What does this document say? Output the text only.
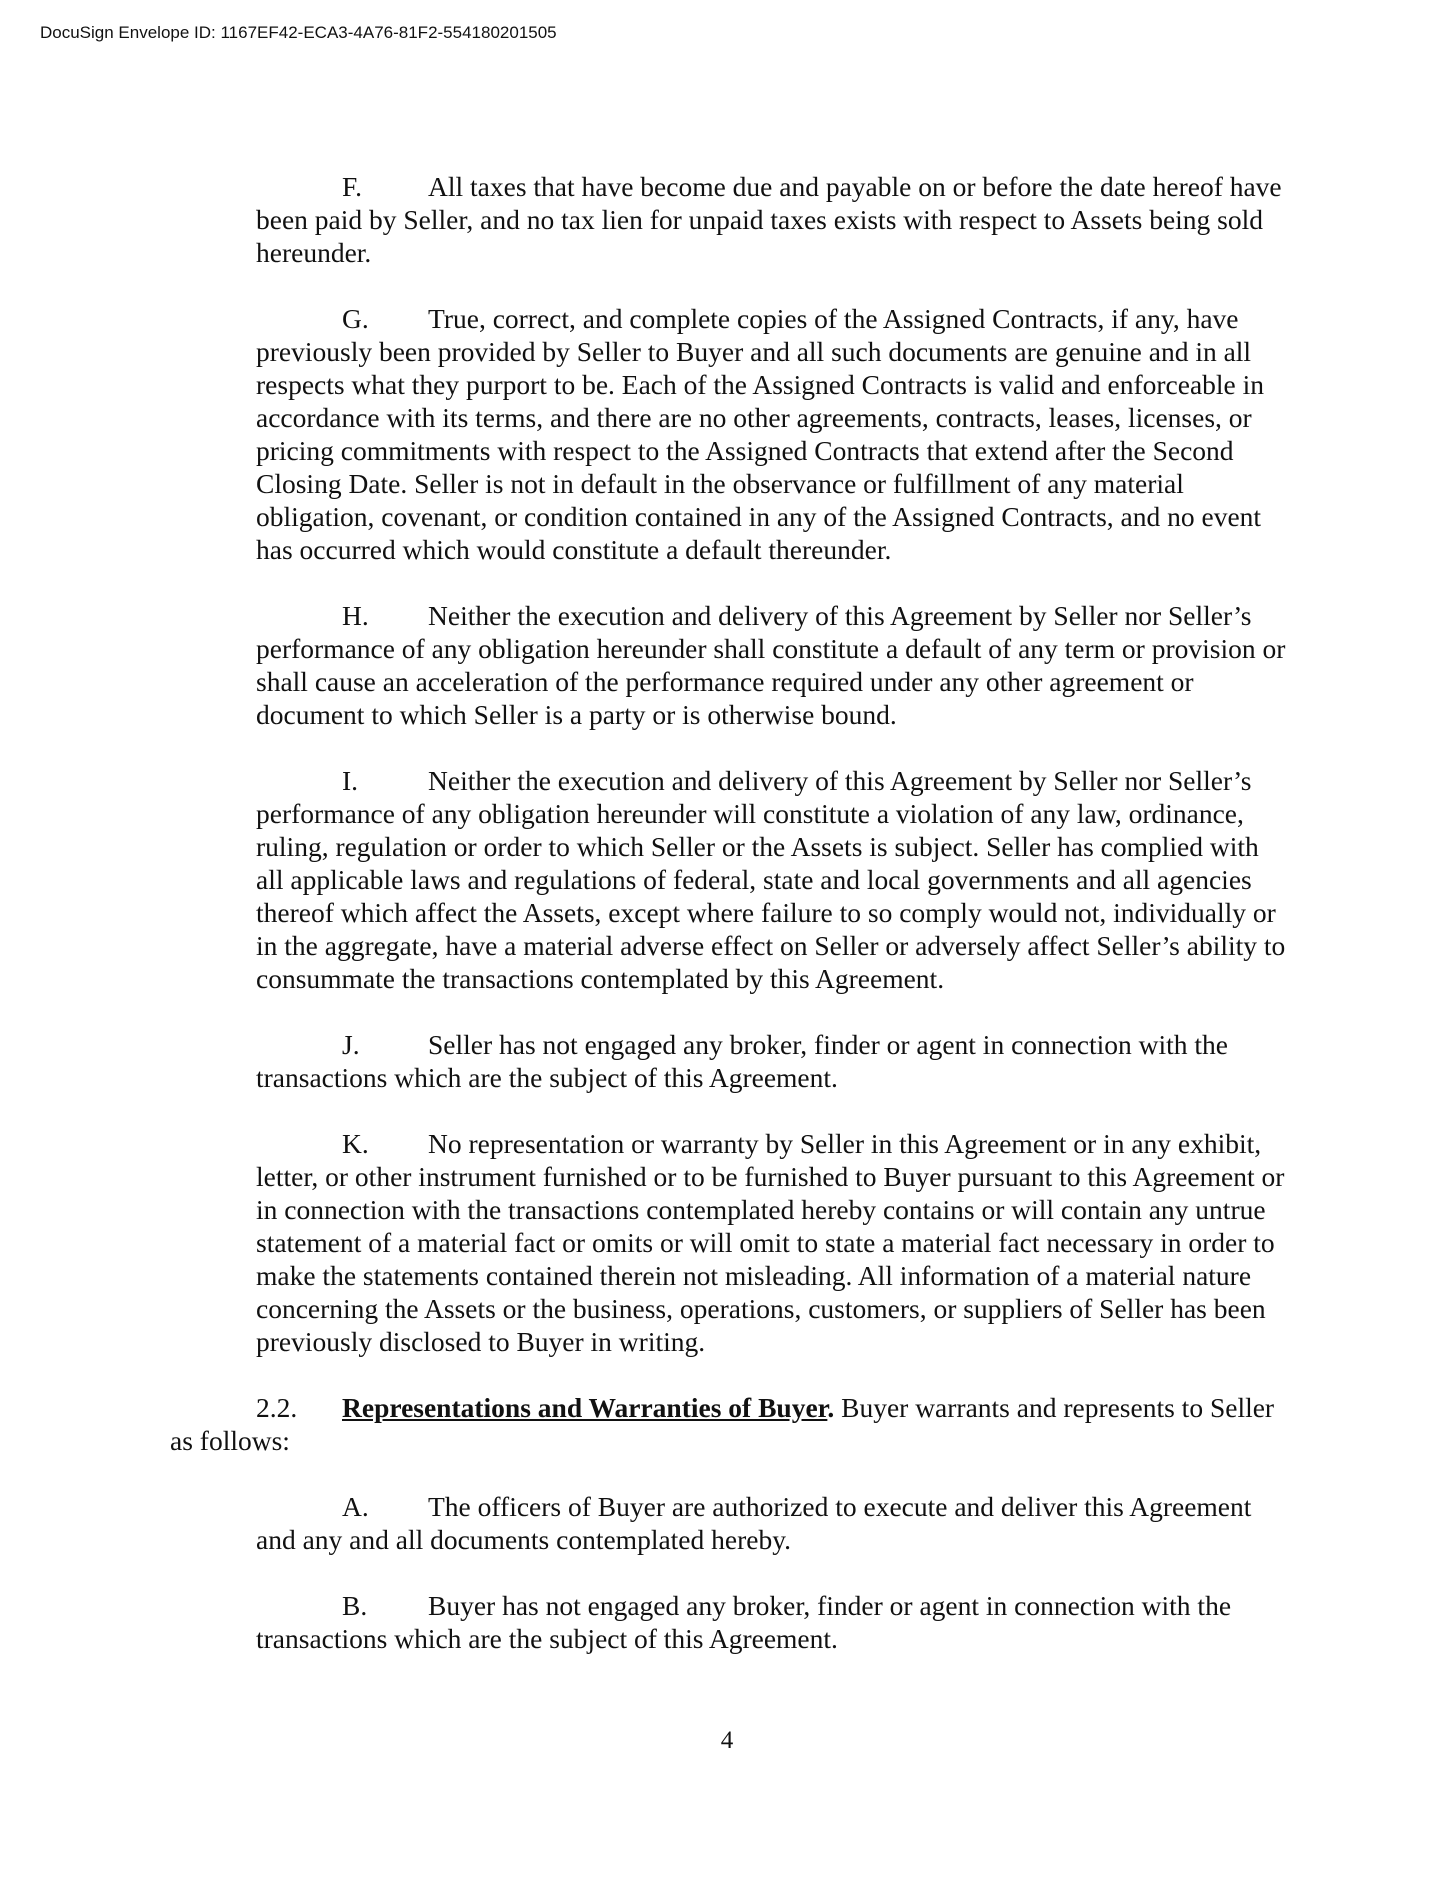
DocuSign Envelope ID: 1167EF42-ECA3-4A76-81F2-554180201505

F. All taxes that have become due and payable on or before the date hereof have been paid by Seller, and no tax lien for unpaid taxes exists with respect to Assets being sold hereunder.

G. True, correct, and complete copies of the Assigned Contracts, if any, have previously been provided by Seller to Buyer and all such documents are genuine and in all respects what they purport to be. Each of the Assigned Contracts is valid and enforceable in accordance with its terms, and there are no other agreements, contracts, leases, licenses, or pricing commitments with respect to the Assigned Contracts that extend after the Second Closing Date. Seller is not in default in the observance or fulfillment of any material obligation, covenant, or condition contained in any of the Assigned Contracts, and no event has occurred which would constitute a default thereunder.

H. Neither the execution and delivery of this Agreement by Seller nor Seller’s performance of any obligation hereunder shall constitute a default of any term or provision or shall cause an acceleration of the performance required under any other agreement or document to which Seller is a party or is otherwise bound.

I.	Neither the execution and delivery of this Agreement by Seller nor Seller’s performance of any obligation hereunder will constitute a violation of any law, ordinance, ruling, regulation or order to which Seller or the Assets is subject. Seller has complied with all applicable laws and regulations of federal, state and local governments and all agencies thereof which affect the Assets, except where failure to so comply would not, individually or in the aggregate, have a material adverse effect on Seller or adversely affect Seller’s ability to consummate the transactions contemplated by this Agreement.

J. Seller has not engaged any broker, finder or agent in connection with the transactions which are the subject of this Agreement.

K. No representation or warranty by Seller in this Agreement or in any exhibit, letter, or other instrument furnished or to be furnished to Buyer pursuant to this Agreement or in connection with the transactions contemplated hereby contains or will contain any untrue statement of a material fact or omits or will omit to state a material fact necessary in order to make the statements contained therein not misleading. All information of a material nature concerning the Assets or the business, operations, customers, or suppliers of Seller has been previously disclosed to Buyer in writing.

2.2. Representations and Warranties of Buyer. Buyer warrants and represents to Seller as follows:

A. The officers of Buyer are authorized to execute and deliver this Agreement and any and all documents contemplated hereby.

B. Buyer has not engaged any broker, finder or agent in connection with the transactions which are the subject of this Agreement.

4
